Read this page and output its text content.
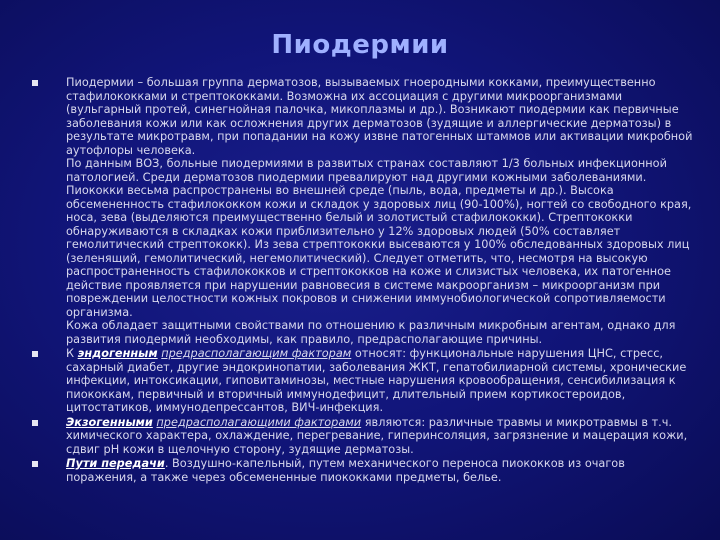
Пиодермии

Пиодермии – большая группа дерматозов, вызываемых гноеродными кокками, преимущественно стафилококками и стрептококками. Возможна их ассоциация с другими микроорганизмами (вульгарный протей, синегнойная палочка, микоплазмы и др.). Возникают пиодермии как первичные заболевания кожи или как осложнения других дерматозов (зудящие и аллергические дерматозы) в результате микротравм, при попадании на кожу извне патогенных штаммов или активации микробной аутофлоры человека.

По данным ВОЗ, больные пиодермиями в развитых странах составляют 1/3 больных инфекционной патологией. Среди дерматозов пиодермии превалируют над другими кожными заболеваниями.

Пиококки весьма распространены во внешней среде (пыль, вода, предметы и др.). Высока обсемененность стафилококком кожи и складок у здоровых лиц (90-100%), ногтей со свободного края, носа, зева (выделяются преимущественно белый и золотистый стафилококки). Стрептококки обнаруживаются в складках кожи приблизительно у 12% здоровых людей (50% составляет гемолитический стрептококк). Из зева стрептококки высеваются у 100% обследованных здоровых лиц (зеленящий, гемолитический, негемолитический). Следует отметить, что, несмотря на высокую распространенность стафилококков и стрептококков на коже и слизистых человека, их патогенное действие проявляется при нарушении равновесия в системе макроорганизм – микроорганизм при повреждении целостности кожных покровов и снижении иммунобиологической сопротивляемости организма.

Кожа обладает защитными свойствами по отношению к различным микробным агентам, однако для развития пиодермий необходимы, как правило, предрасполагающие причины.

К эндогенным предрасполагающим факторам относят: функциональные нарушения ЦНС, стресс, сахарный диабет, другие эндокринопатии, заболевания ЖКТ, гепатобилиарной системы, хронические инфекции, интоксикации, гиповитаминозы, местные нарушения кровообращения, сенсибилизация к пиококкам, первичный и вторичный иммунодефицит, длительный прием кортикостероидов, цитостатиков, иммунодепрессантов, ВИЧ-инфекция.

Экзогенными предрасполагающими факторами являются: различные травмы и микротравмы в т.ч. химического характера, охлаждение, перегревание, гиперинсоляция, загрязнение и мацерация кожи, сдвиг рН кожи в щелочную сторону, зудящие дерматозы.

Пути передачи. Воздушно-капельный, путем механического переноса пиококков из очагов поражения, а также через обсемененные пиококками предметы, белье.
